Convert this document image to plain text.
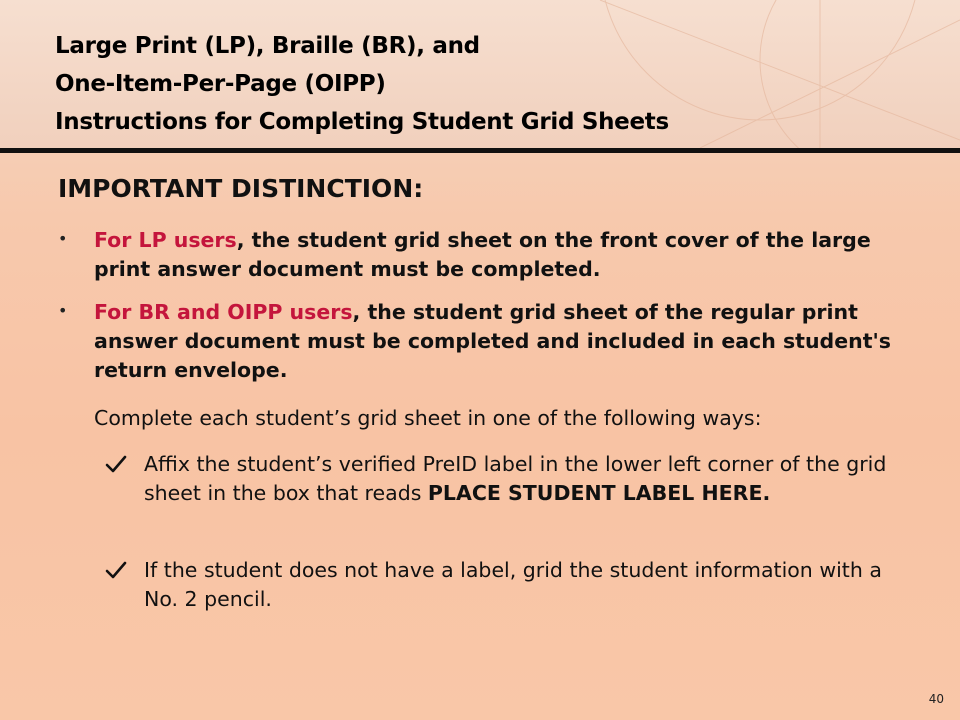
Large Print (LP), Braille (BR), and
One-Item-Per-Page (OIPP)
Instructions for Completing Student Grid Sheets
IMPORTANT DISTINCTION:
• For LP users, the student grid sheet on the front cover of the large print answer document must be completed.
• For BR and OIPP users, the student grid sheet of the regular print answer document must be completed and included in each student's return envelope.
Complete each student’s grid sheet in one of the following ways:
Affix the student’s verified PreID label in the lower left corner of the grid sheet in the box that reads PLACE STUDENT LABEL HERE.
If the student does not have a label, grid the student information with a No. 2 pencil.
40
